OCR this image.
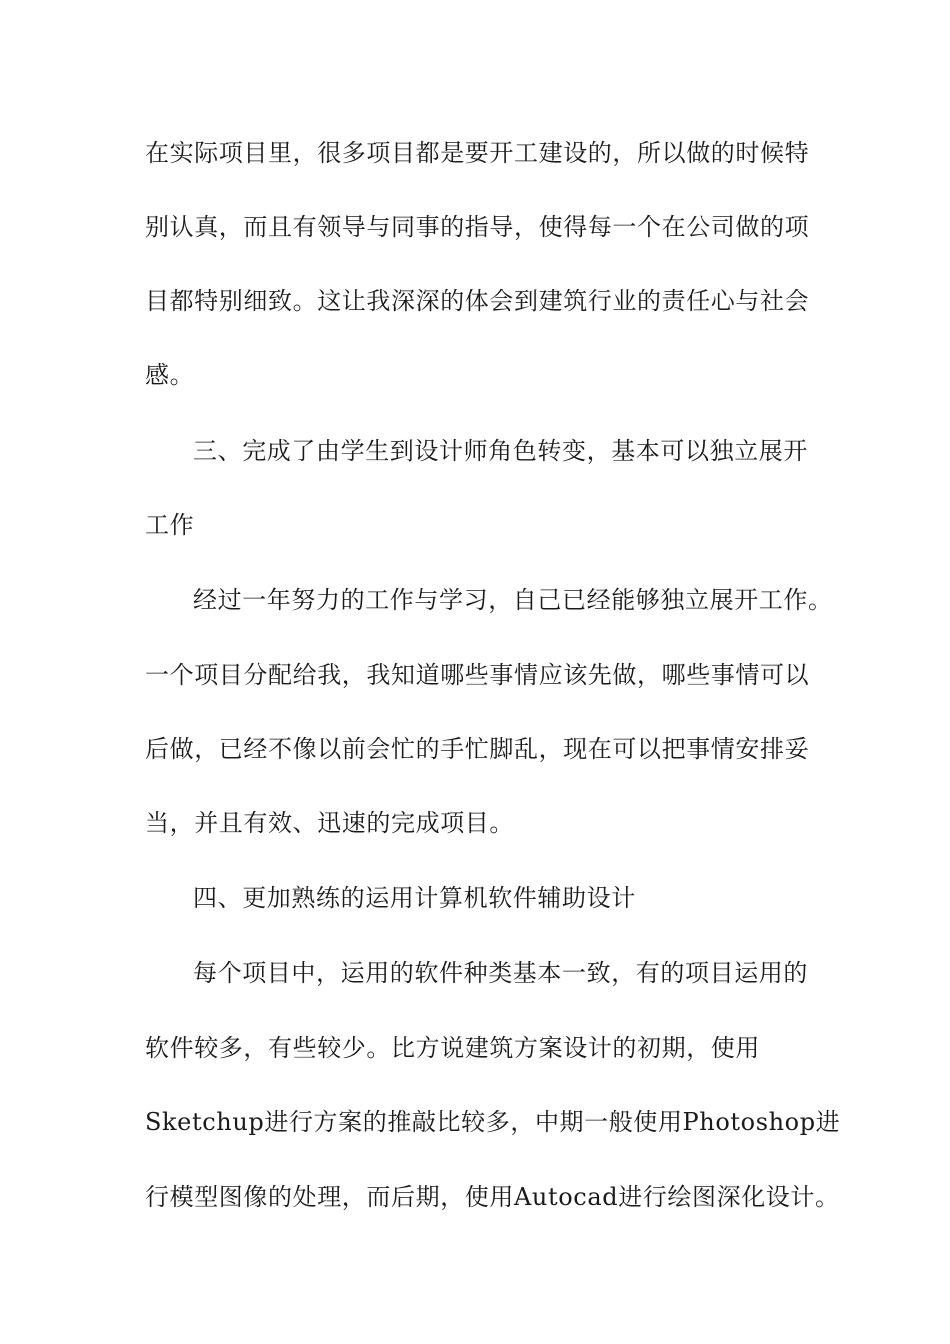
在实际项目里，很多项目都是要开工建设的，所以做的时候特
别认真，而且有领导与同事的指导，使得每一个在公司做的项
目都特别细致。这让我深深的体会到建筑行业的责任心与社会
感。
三、完成了由学生到设计师角色转变，基本可以独立展开
工作
经过一年努力的工作与学习，自己已经能够独立展开工作。
一个项目分配给我，我知道哪些事情应该先做，哪些事情可以
后做，已经不像以前会忙的手忙脚乱，现在可以把事情安排妥
当，并且有效、迅速的完成项目。
四、更加熟练的运用计算机软件辅助设计
每个项目中，运用的软件种类基本一致，有的项目运用的
软件较多，有些较少。比方说建筑方案设计的初期，使用
Sketchup进行方案的推敲比较多，中期一般使用Photoshop进
行模型图像的处理，而后期，使用Autocad进行绘图深化设计。
